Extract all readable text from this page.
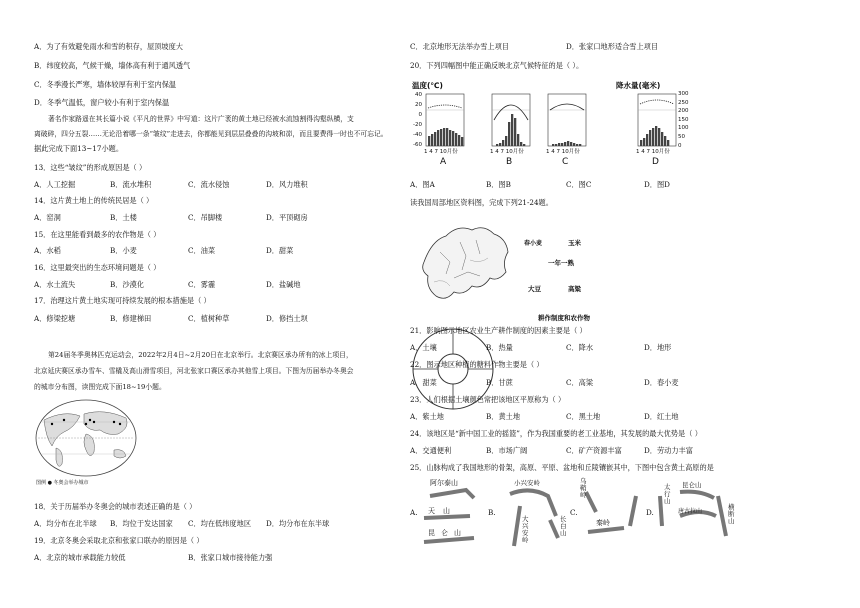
A．为了有效避免雨水和雪的积存，屋顶坡度大
B．纬度较高，气候干燥，墙体高有利于通风透气
C．冬季漫长严寒，墙体较厚有利于室内保温
D．冬季气温低，窗户较小有利于室内保温
著名作家路遥在其长篇小说《平凡的世界》中写道：这片广袤的黄土地已经被水流蚀割得沟壑纵横，支
离破碎，四分五裂……无论沿着哪一条“皱纹”走进去，你都能见到层层叠叠的沟坡和峁，而且要费得一时也不可忘记。
据此完成下面13~17小题。
13．这些“皱纹”的形成原因是（ ）
A．人工挖掘	B．流水堆积	C．流水侵蚀	D．风力堆积
14．这片黄土地上的传统民居是（ ）
A．窑洞	B．土楼	C．吊脚楼	D．平顶砌房
15．在这里能看到最多的农作物是（ ）
A．水稻	B．小麦	C．油菜	D．甜菜
16．这里最突出的生态环境问题是（ ）
A．水土流失	B．沙漠化	C．雾霾	D．盐碱地
17．治理这片黄土地实现可持续发展的根本措施是（ ）
A．修梁挖塘	B．修建梯田	C．植树种草	D．修挡土坝
第24届冬季奥林匹克运动会，2022年2月4日~2月20日在北京举行。北京赛区承办所有的冰上项目，
北京延庆赛区承办雪车、雪橇及高山滑雪项目，河北张家口赛区承办其他雪上项目。下图为历届举办冬奥会
的城市分布图，读图完成下面18~19小题。
图例 ● 冬奥会举办城市
18．关于历届举办冬奥会的城市表述正确的是（ ）
A．均分布在北半球 B．均位于发达国家 C．均在低纬度地区 D．均分布在东半球
19．北京冬奥会采取北京和张家口联办的原因是（ ）
A．北京的城市承载能力较低	B．张家口城市接待能力强
C．北京地形无法举办雪上项目	D．张家口地形适合雪上项目
20．下列四幅图中能正确反映北京气候特征的是（ ）。
温度(℃)	降水量(毫米)
40
20
0
-20
-40
-60
300
250
200
150
100
50
0
1 4 7 10月份	1 4 7 10月份	1 4 7 10月份	1 4 7 10月份
A	B	C	D
A．图A	B．图B	C．图C	D．图D
读我国局部地区资料图，完成下列21-24题。

一年一熟
玉米
高粱
大豆
春小麦
耕作制度和农作物
21．影响图示地区农业生产耕作制度的因素主要是（ ）
A．土壤	B．热量	C．降水	D．地形
22．图示地区种植的糖料作物主要是（ ）
A．甜菜	B．甘蔗	C．高粱	D．春小麦
23．人们根据土壤颜色常把该地区平原称为（ ）
A．紫土地	B．黄土地	C．黑土地	D．红土地
24．该地区是“新中国工业的摇篮”，作为我国重要的老工业基地，其发展的最大优势是（ ）
A．交通便利	B．市场广阔	C．矿产资源丰富	D．劳动力丰富
25．山脉构成了我国地形的骨架，高原、平原、盆地和丘陵镶嵌其中，下图中包含黄土高原的是
A.	B.	C.	D.
阿尔泰山
天山
昆仑山
小兴安岭
大兴安岭
长白山
乌鞘岭
秦岭
太行山
昆仑山
唐古拉山
横断山
